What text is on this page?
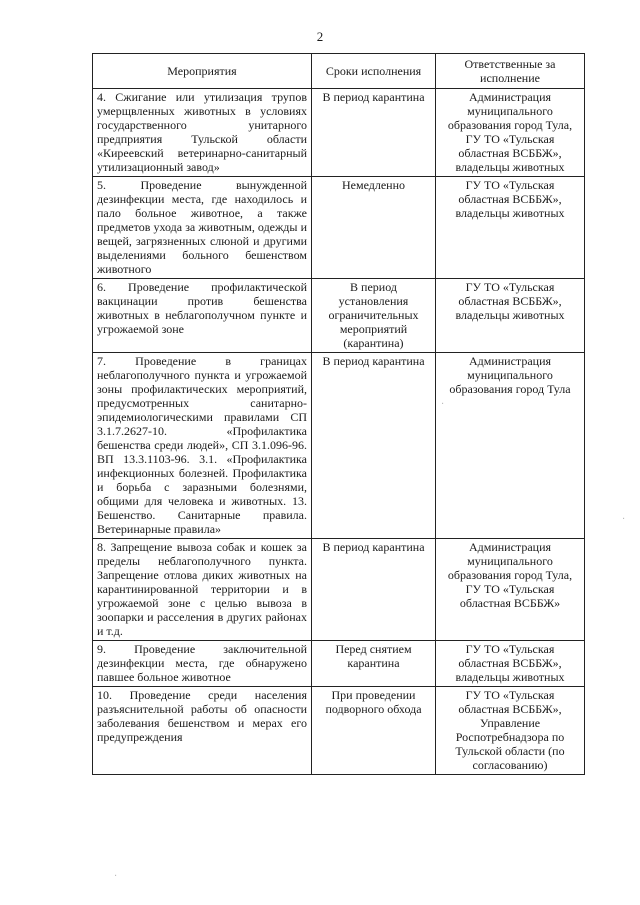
2
Мероприятия	Сроки исполнения	Ответственные за исполнение
4. Сжигание или утилизация трупов умерщвленных животных в условиях государственного унитарного предприятия Тульской области «Киреевский ветеринарно-санитарный утилизационный завод»	В период карантина	Администрация муниципального образования город Тула, ГУ ТО «Тульская областная ВСББЖ», владельцы животных
5. Проведение вынужденной дезинфекции места, где находилось и пало больное животное, а также предметов ухода за животным, одежды и вещей, загрязненных слюной и другими выделениями больного бешенством животного	Немедленно	ГУ ТО «Тульская областная ВСББЖ», владельцы животных
6. Проведение профилактической вакцинации против бешенства животных в неблагополучном пункте и угрожаемой зоне	В период установления ограничительных мероприятий (карантина)	ГУ ТО «Тульская областная ВСББЖ», владельцы животных
7. Проведение в границах неблагополучного пункта и угрожаемой зоны профилактических мероприятий, предусмотренных санитарно-эпидемиологическими правилами СП 3.1.7.2627-10. «Профилактика бешенства среди людей», СП 3.1.096-96. ВП 13.3.1103-96. 3.1. «Профилактика инфекционных болезней. Профилактика и борьба с заразными болезнями, общими для человека и животных. 13. Бешенство. Санитарные правила. Ветеринарные правила»	В период карантина	Администрация муниципального образования город Тула
8. Запрещение вывоза собак и кошек за пределы неблагополучного пункта. Запрещение отлова диких животных на карантинированной территории и в угрожаемой зоне с целью вывоза в зоопарки и расселения в других районах и т.д.	В период карантина	Администрация муниципального образования город Тула, ГУ ТО «Тульская областная ВСББЖ»
9. Проведение заключительной дезинфекции места, где обнаружено павшее больное животное	Перед снятием карантина	ГУ ТО «Тульская областная ВСББЖ», владельцы животных
10. Проведение среди населения разъяснительной работы об опасности заболевания бешенством и мерах его предупреждения	При проведении подворного обхода	ГУ ТО «Тульская областная ВСББЖ», Управление Роспотребнадзора по Тульской области (по согласованию)
·
·
·
